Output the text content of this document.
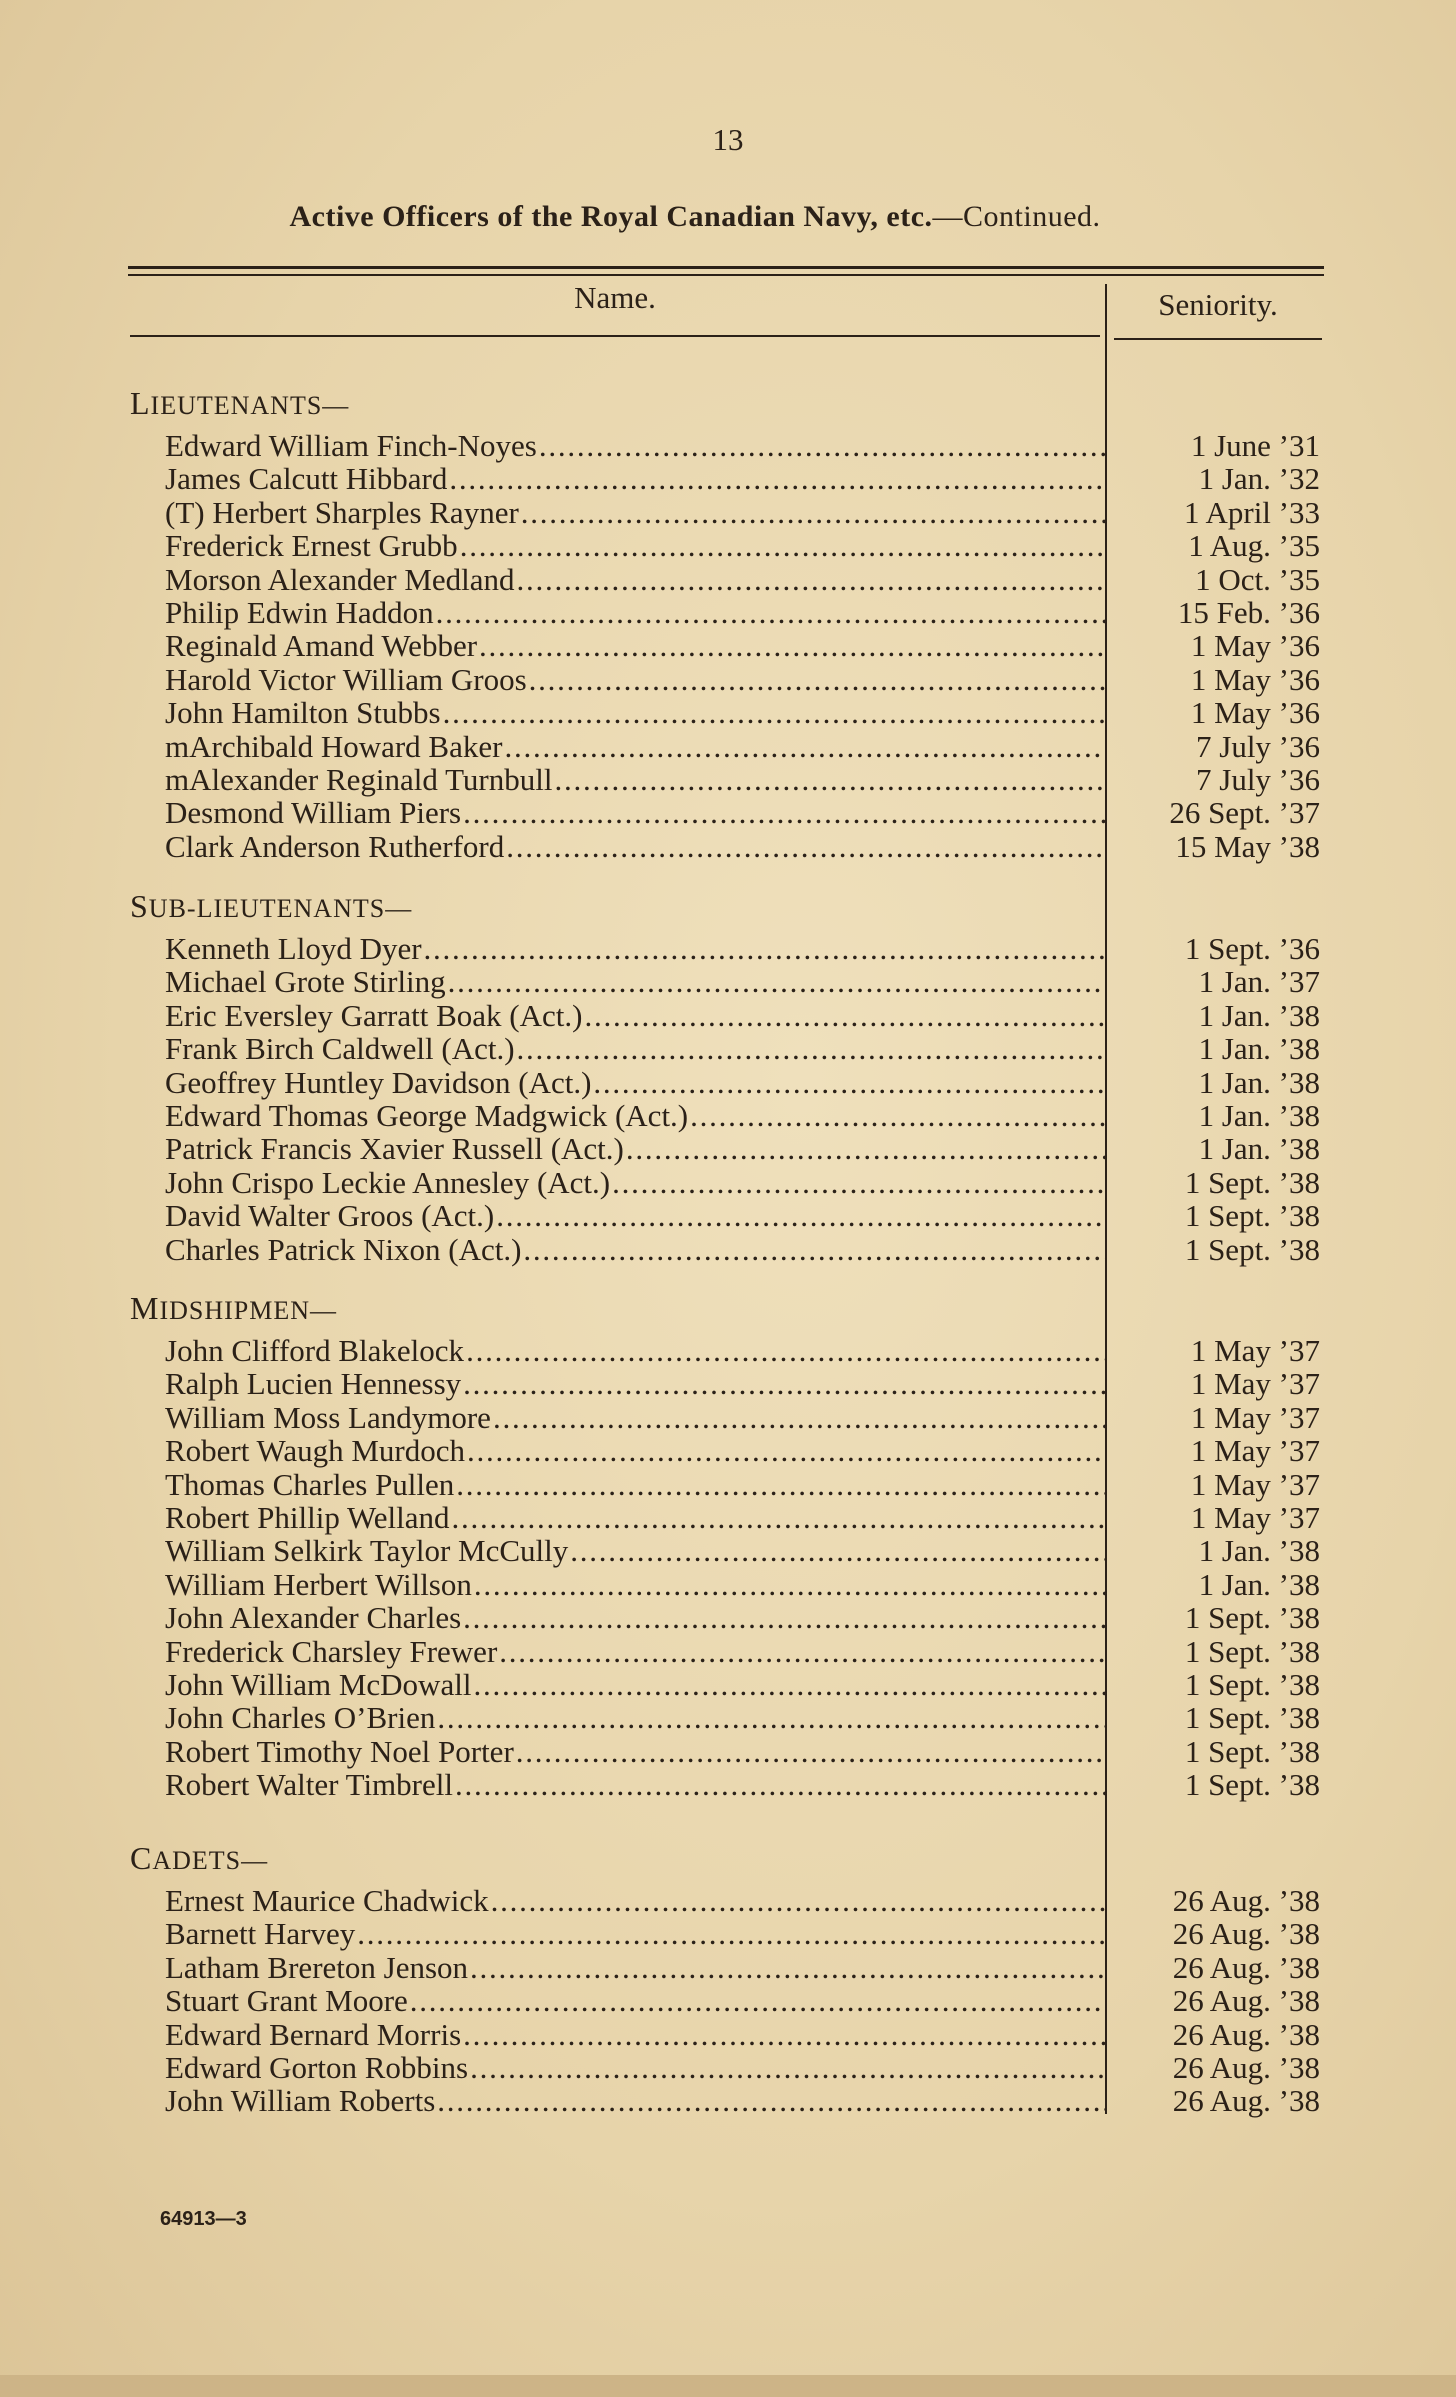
13
Active Officers of the Royal Canadian Navy, etc.—Continued.
Name.	Seniority.
LIEUTENANTS—
Edward William Finch-Noyes . . .	1 June ’31
James Calcutt Hibbard . . .	1 Jan. ’32
(T) Herbert Sharples Rayner . . .	1 April ’33
Frederick Ernest Grubb . . .	1 Aug. ’35
Morson Alexander Medland . . .	1 Oct. ’35
Philip Edwin Haddon . . .	15 Feb. ’36
Reginald Amand Webber . . .	1 May ’36
Harold Victor William Groos . . .	1 May ’36
John Hamilton Stubbs . . .	1 May ’36
mArchibald Howard Baker . . .	7 July ’36
mAlexander Reginald Turnbull . . .	7 July ’36
Desmond William Piers . . .	26 Sept. ’37
Clark Anderson Rutherford . . .	15 May ’38
SUB-LIEUTENANTS—
Kenneth Lloyd Dyer . . .	1 Sept. ’36
Michael Grote Stirling . . .	1 Jan. ’37
Eric Eversley Garratt Boak (Act.) . . .	1 Jan. ’38
Frank Birch Caldwell (Act.) . . .	1 Jan. ’38
Geoffrey Huntley Davidson (Act.) . . .	1 Jan. ’38
Edward Thomas George Madgwick (Act.) . . .	1 Jan. ’38
Patrick Francis Xavier Russell (Act.) . . .	1 Jan. ’38
John Crispo Leckie Annesley (Act.) . . .	1 Sept. ’38
David Walter Groos (Act.) . . .	1 Sept. ’38
Charles Patrick Nixon (Act.) . . .	1 Sept. ’38
MIDSHIPMEN—
John Clifford Blakelock . . .	1 May ’37
Ralph Lucien Hennessy . . .	1 May ’37
William Moss Landymore . . .	1 May ’37
Robert Waugh Murdoch . . .	1 May ’37
Thomas Charles Pullen . . .	1 May ’37
Robert Phillip Welland . . .	1 May ’37
William Selkirk Taylor McCully . . .	1 Jan. ’38
William Herbert Willson . . .	1 Jan. ’38
John Alexander Charles . . .	1 Sept. ’38
Frederick Charsley Frewer . . .	1 Sept. ’38
John William McDowall . . .	1 Sept. ’38
John Charles O’Brien . . .	1 Sept. ’38
Robert Timothy Noel Porter . . .	1 Sept. ’38
Robert Walter Timbrell . . .	1 Sept. ’38
CADETS—
Ernest Maurice Chadwick . . .	26 Aug. ’38
Barnett Harvey . . .	26 Aug. ’38
Latham Brereton Jenson . . .	26 Aug. ’38
Stuart Grant Moore . . .	26 Aug. ’38
Edward Bernard Morris . . .	26 Aug. ’38
Edward Gorton Robbins . . .	26 Aug. ’38
John William Roberts . . .	26 Aug. ’38
64913—3
